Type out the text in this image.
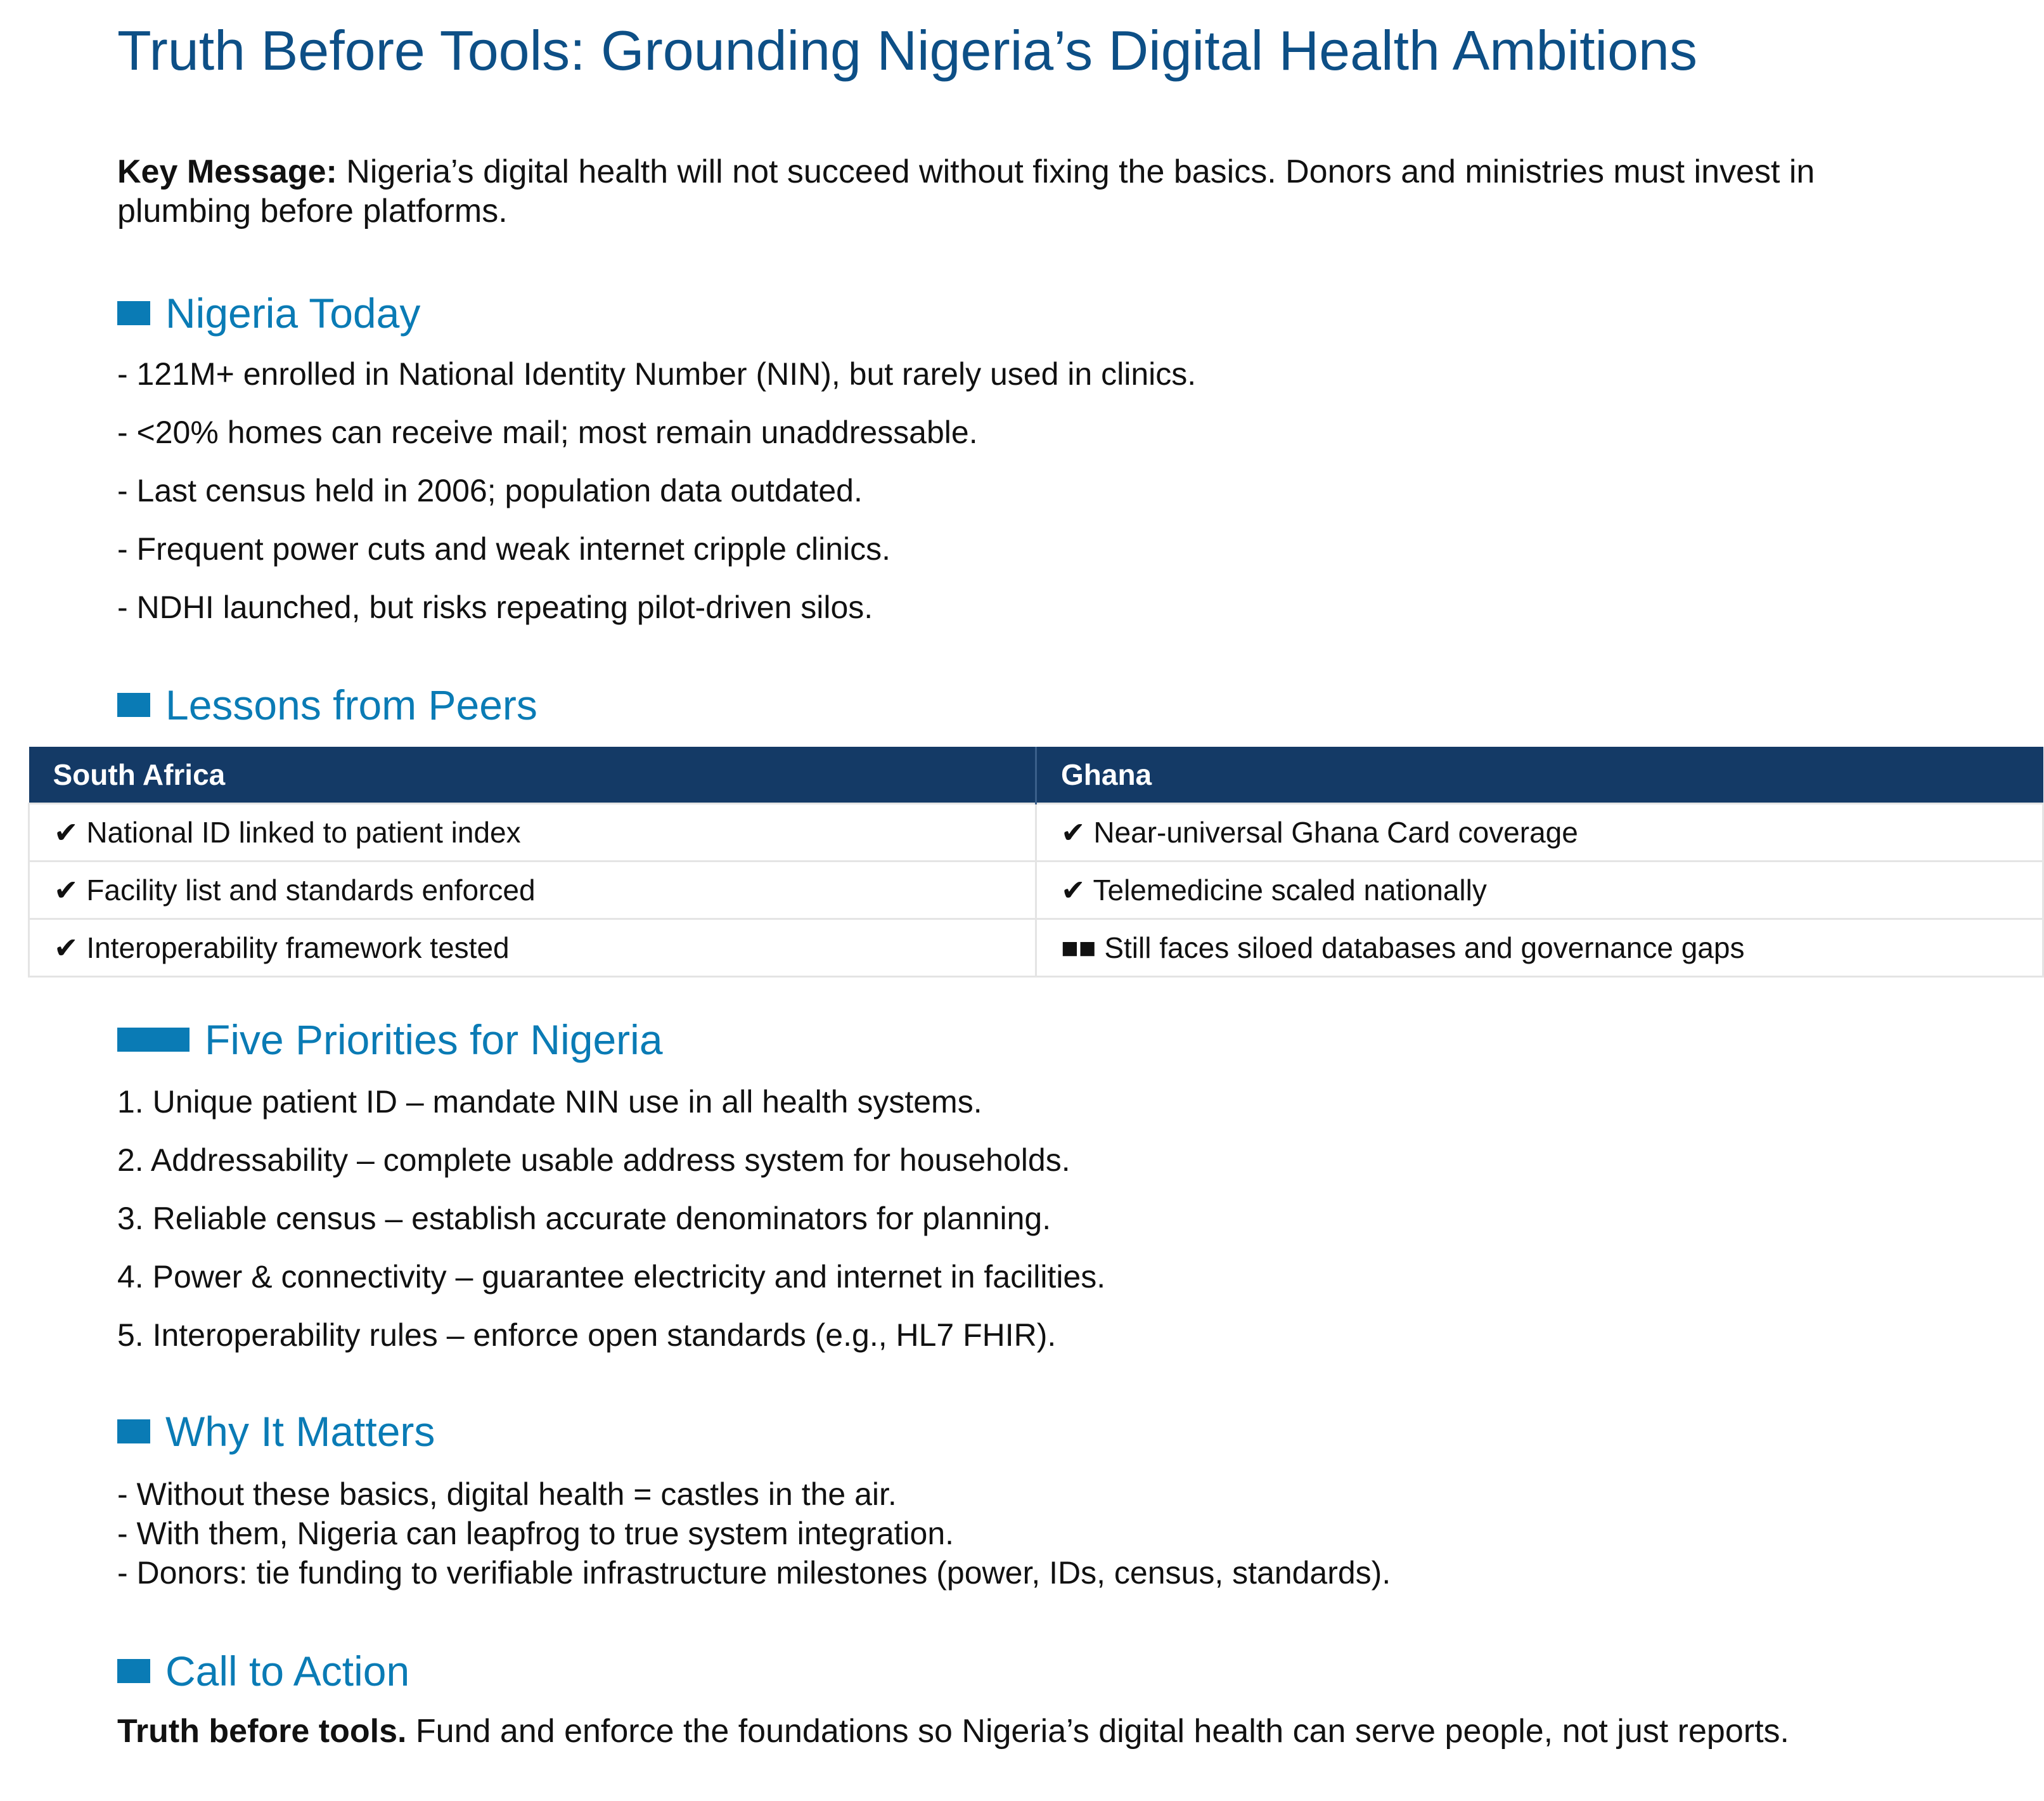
Truth Before Tools: Grounding Nigeria’s Digital Health Ambitions
Key Message: Nigeria’s digital health will not succeed without fixing the basics. Donors and ministries must invest in plumbing before platforms.
Nigeria Today
- 121M+ enrolled in National Identity Number (NIN), but rarely used in clinics.
- <20% homes can receive mail; most remain unaddressable.
- Last census held in 2006; population data outdated.
- Frequent power cuts and weak internet cripple clinics.
- NDHI launched, but risks repeating pilot-driven silos.
Lessons from Peers
South Africa	Ghana
✔ National ID linked to patient index	✔ Near-universal Ghana Card coverage
✔ Facility list and standards enforced	✔ Telemedicine scaled nationally
✔ Interoperability framework tested	■■ Still faces siloed databases and governance gaps
Five Priorities for Nigeria
1. Unique patient ID – mandate NIN use in all health systems.
2. Addressability – complete usable address system for households.
3. Reliable census – establish accurate denominators for planning.
4. Power & connectivity – guarantee electricity and internet in facilities.
5. Interoperability rules – enforce open standards (e.g., HL7 FHIR).
Why It Matters
- Without these basics, digital health = castles in the air.
- With them, Nigeria can leapfrog to true system integration.
- Donors: tie funding to verifiable infrastructure milestones (power, IDs, census, standards).
Call to Action
Truth before tools. Fund and enforce the foundations so Nigeria’s digital health can serve people, not just reports.
